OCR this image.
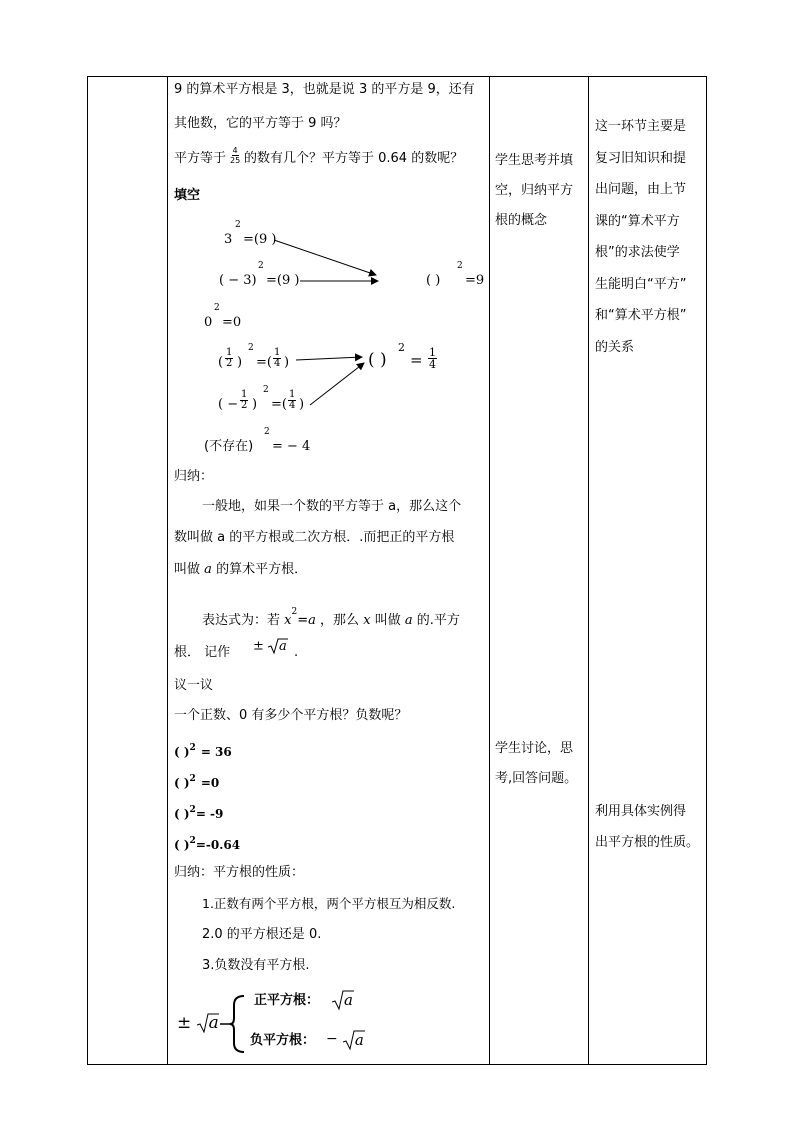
9 的算术平方根是 3，也就是说 3 的平方是 9，还有
其他数，它的平方等于 9 吗？
平方等于 $\frac{4}{25}$ 的数有几个？平方等于 0.64 的数呢？
填空
3
2
=(9 )
( − 3)
2
=(9 )	( )
2
=9
0
2
=0
( $\frac{1}{2}$ )
2
=( $\frac{1}{4}$ )
( − $\frac{1}{2}$ )
2
=( $\frac{1}{4}$ )
( )
2
= $\frac{1}{4}$
(不存在)
2
= − 4
归纳：
一般地，如果一个数的平方等于 a，那么这个
数叫做 a 的平方根或二次方根．.而把正的平方根
叫做 a 的算术平方根．
表达式为：若 $x^2=a$ ，那么 x 叫做 a 的.平方
根． 记作 ± a .
议一议
一个正数、0 有多少个平方根？负数呢？
( )$^2$ = 36
( )$^2$ =0
( )$^2$= -9
( )$^2$=-0.64
归纳：平方根的性质：
1.正数有两个平方根，两个平方根互为相反数.
2.0 的平方根还是 0.
3.负数没有平方根.
± a
正平方根： a
负平方根： − a
学生思考并填
空，归纳平方
根的概念
学生讨论，思
考,回答问题。
这一环节主要是
复习旧知识和提
出问题，由上节
课的“算术平方
根”的求法使学
生能明白“平方”
和“算术平方根”
的关系
利用具体实例得
出平方根的性质。
